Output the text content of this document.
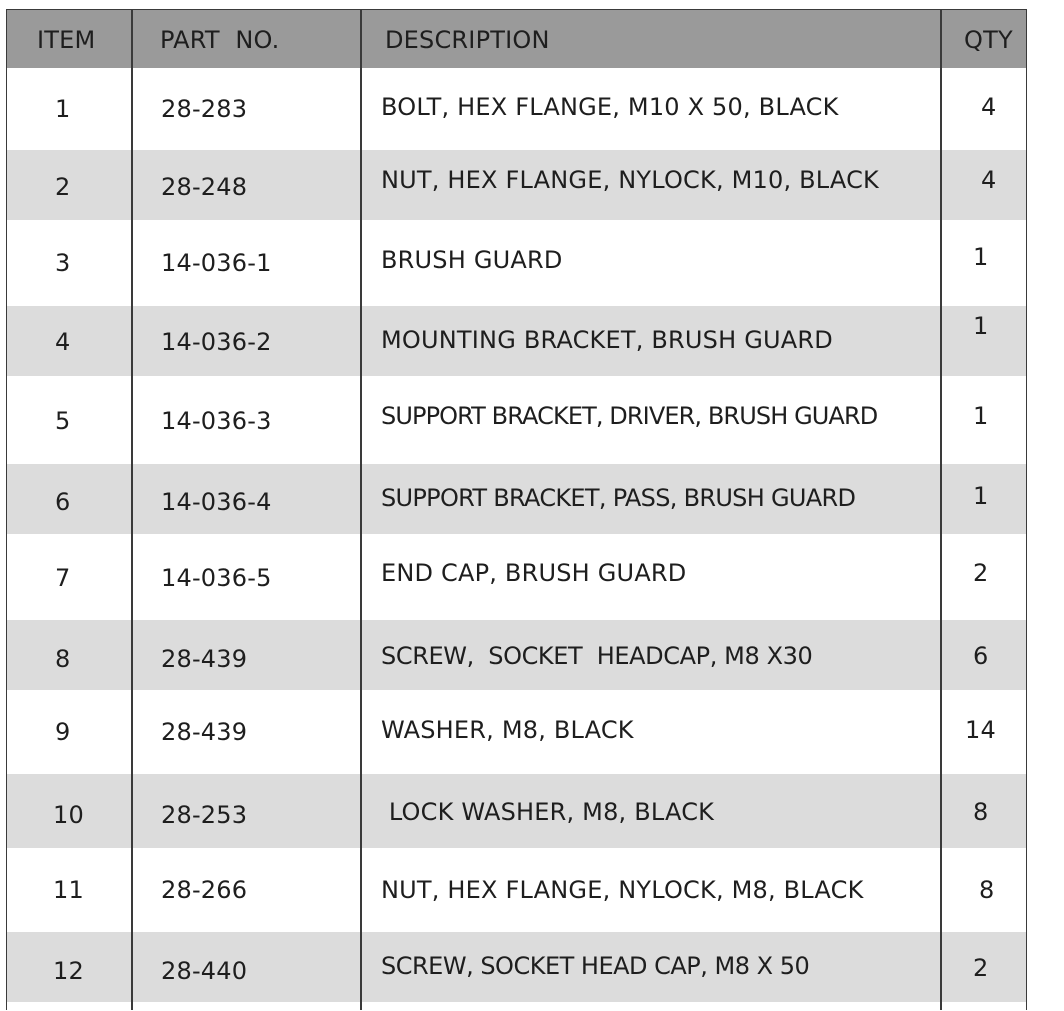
ITEM	PART  NO.	DESCRIPTION	QTY
1	28-283	BOLT, HEX FLANGE, M10 X 50, BLACK	4
2	28-248	NUT, HEX FLANGE, NYLOCK, M10, BLACK	4
3	14-036-1	BRUSH GUARD	1
4	14-036-2	MOUNTING BRACKET, BRUSH GUARD	1
5	14-036-3	SUPPORT BRACKET, DRIVER, BRUSH GUARD	1
6	14-036-4	SUPPORT BRACKET, PASS, BRUSH GUARD	1
7	14-036-5	END CAP, BRUSH GUARD	2
8	28-439	SCREW,  SOCKET  HEADCAP, M8 X30	6
9	28-439	WASHER, M8, BLACK	14
10	28-253	LOCK WASHER, M8, BLACK	8
11	28-266	NUT, HEX FLANGE, NYLOCK, M8, BLACK	8
12	28-440	SCREW, SOCKET HEAD CAP, M8 X 50	2
